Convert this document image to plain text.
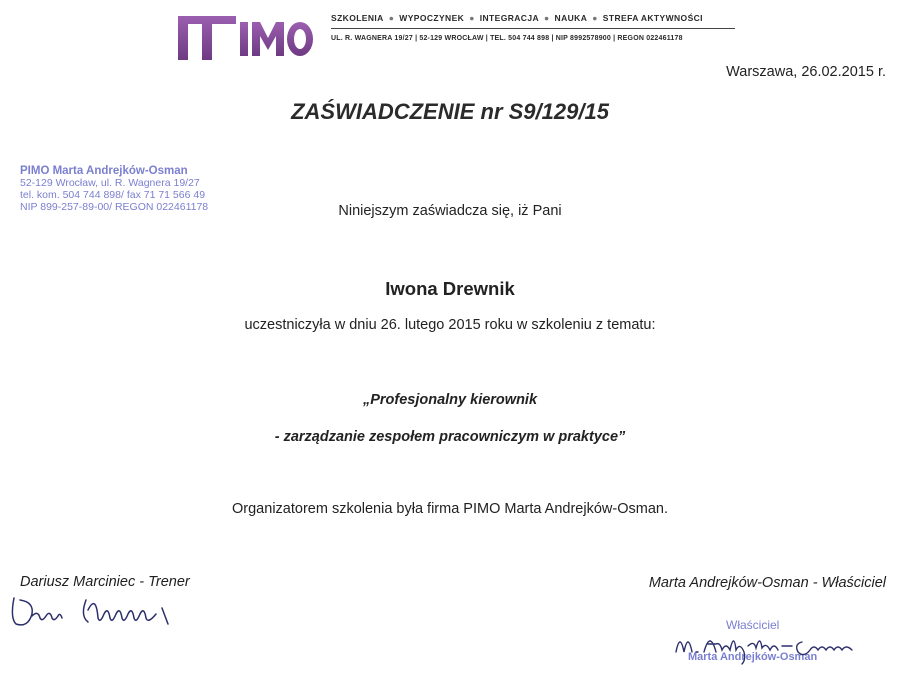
SZKOLENIA ● WYPOCZYNEK ● INTEGRACJA ● NAUKA ● STREFA AKTYWNOŚCI
UL. R. WAGNERA 19/27 | 52-129 WROCŁAW | TEL. 504 744 898 | NIP 8992578900 | REGON 022461178
Warszawa, 26.02.2015 r.
ZAŚWIADCZENIE nr S9/129/15
PIMO Marta Andrejków-Osman
52-129 Wrocław, ul. R. Wagnera 19/27
tel. kom. 504 744 898/ fax 71 71 566 49
NIP 899-257-89-00/ REGON 022461178	Niniejszym zaświadcza się, iż Pani
Iwona Drewnik
uczestniczyła w dniu 26. lutego 2015 roku w szkoleniu z tematu:
„Profesjonalny kierownik
- zarządzanie zespołem pracowniczym w praktyce”
Organizatorem szkolenia była firma PIMO Marta Andrejków-Osman.
Dariusz Marciniec - Trener	Marta Andrejków-Osman - Właściciel
Właściciel
Marta Andrejków-Osman
